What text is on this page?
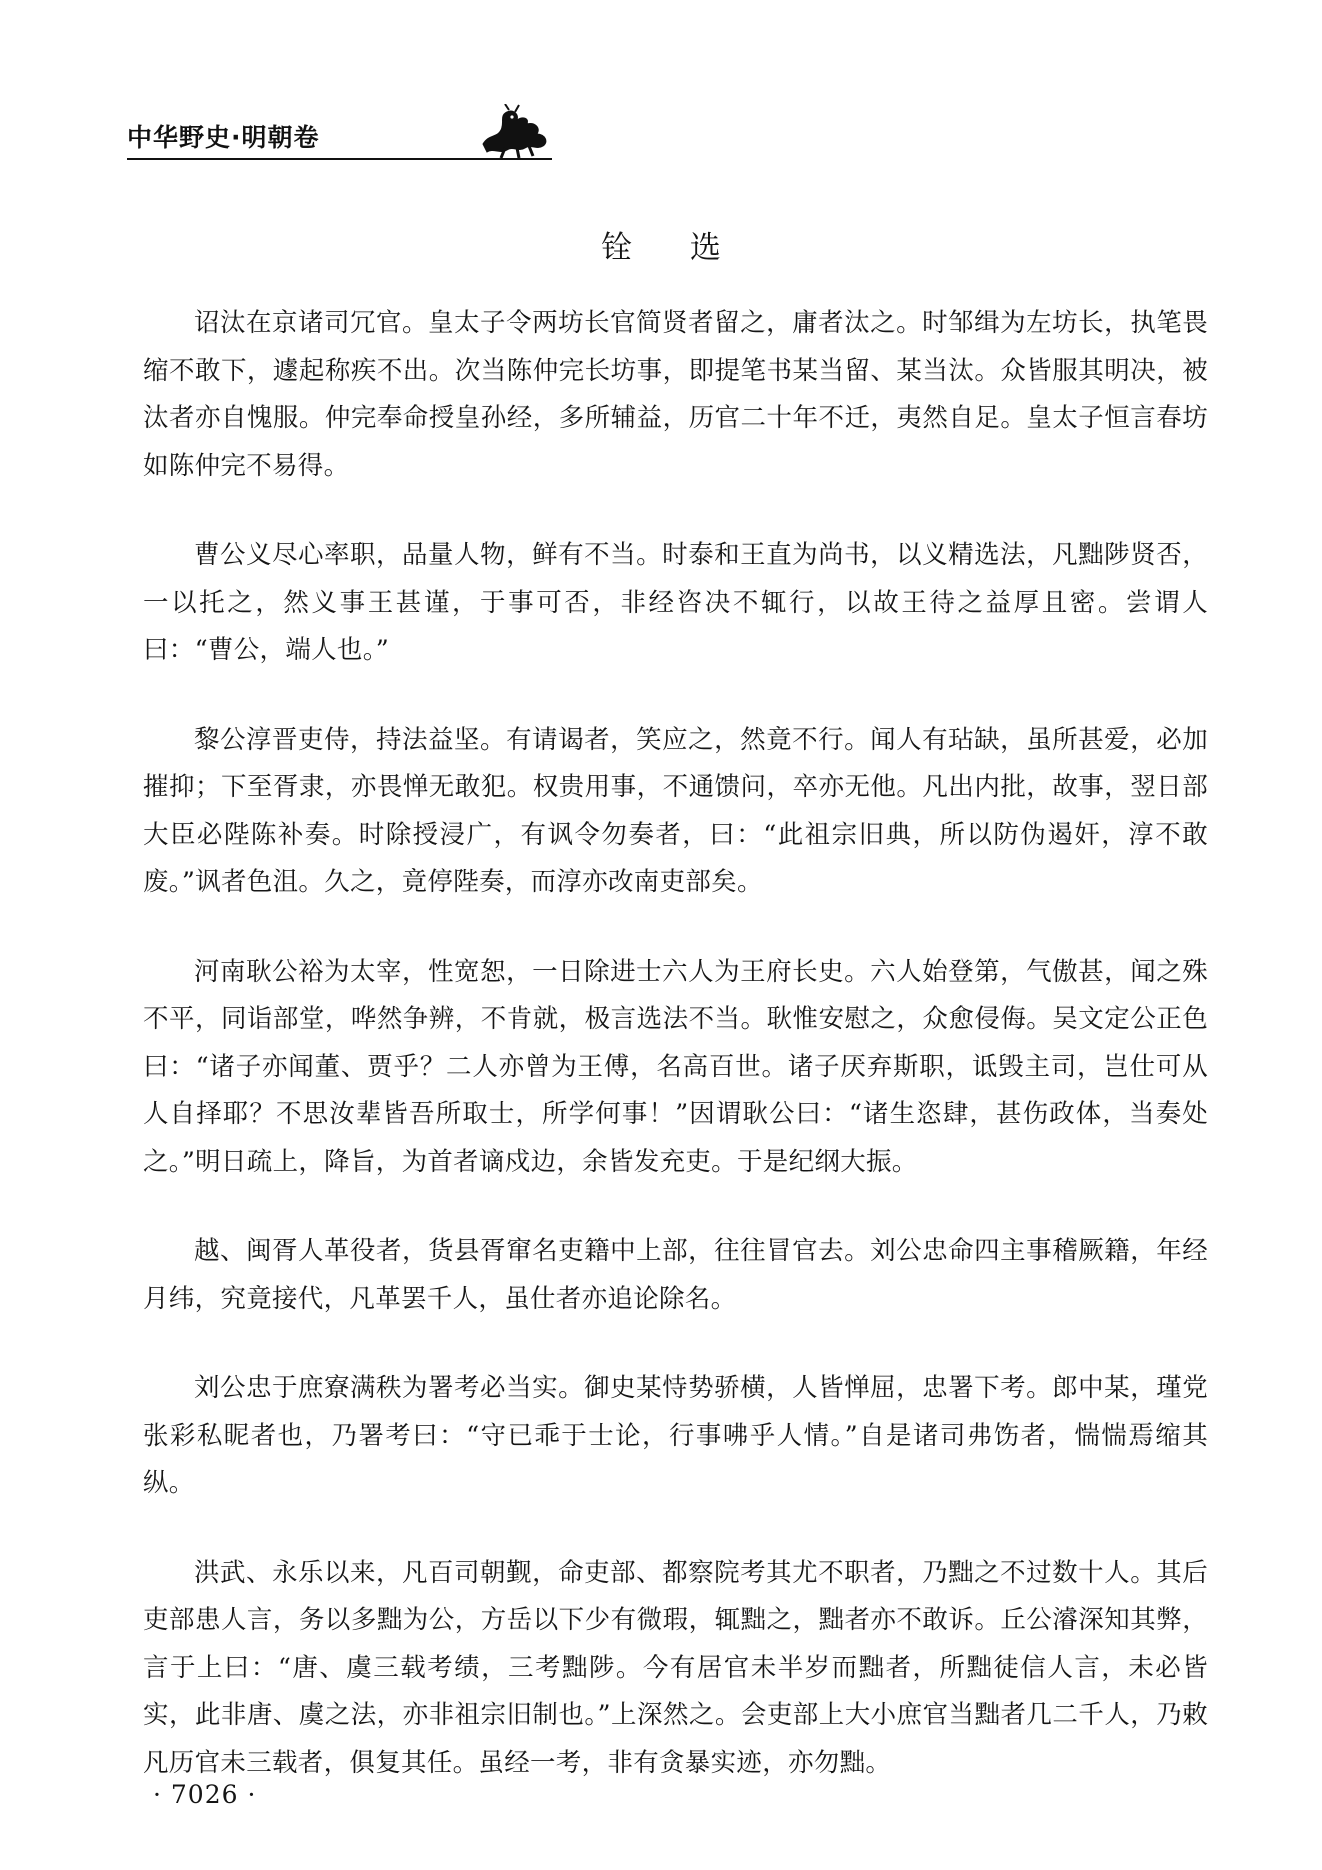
中华野史·明朝卷
铨 选

诏汰在京诸司冗官。皇太子令两坊长官简贤者留之，庸者汰之。时邹缉为左坊长，执笔畏缩不敢下，遽起称疾不出。次当陈仲完长坊事，即提笔书某当留、某当汰。众皆服其明决，被汰者亦自愧服。仲完奉命授皇孙经，多所辅益，历官二十年不迁，夷然自足。皇太子恒言春坊如陈仲完不易得。

曹公义尽心率职，品量人物，鲜有不当。时泰和王直为尚书，以义精选法，凡黜陟贤否，一以托之，然义事王甚谨，于事可否，非经咨决不辄行，以故王待之益厚且密。尝谓人曰：“曹公，端人也。”

黎公淳晋吏侍，持法益坚。有请谒者，笑应之，然竟不行。闻人有玷缺，虽所甚爱，必加摧抑；下至胥隶，亦畏惮无敢犯。权贵用事，不通馈问，卒亦无他。凡出内批，故事，翌日部大臣必陛陈补奏。时除授浸广，有讽令勿奏者，曰：“此祖宗旧典，所以防伪遏奸，淳不敢废。”讽者色沮。久之，竟停陛奏，而淳亦改南吏部矣。

河南耿公裕为太宰，性宽恕，一日除进士六人为王府长史。六人始登第，气傲甚，闻之殊不平，同诣部堂，哗然争辨，不肯就，极言选法不当。耿惟安慰之，众愈侵侮。吴文定公正色曰：“诸子亦闻董、贾乎？二人亦曾为王傅，名高百世。诸子厌弃斯职，诋毁主司，岂仕可从人自择耶？不思汝辈皆吾所取士，所学何事！”因谓耿公曰：“诸生恣肆，甚伤政体，当奏处之。”明日疏上，降旨，为首者谪戍边，余皆发充吏。于是纪纲大振。

越、闽胥人革役者，货县胥窜名吏籍中上部，往往冒官去。刘公忠命四主事稽厥籍，年经月纬，究竟接代，凡革罢千人，虽仕者亦追论除名。

刘公忠于庶寮满秩为署考必当实。御史某恃势骄横，人皆惮屈，忠署下考。郎中某，瑾党张彩私昵者也，乃署考曰：“守已乖于士论，行事咈乎人情。”自是诸司弗饬者，惴惴焉缩其纵。

洪武、永乐以来，凡百司朝觐，命吏部、都察院考其尤不职者，乃黜之不过数十人。其后吏部患人言，务以多黜为公，方岳以下少有微瑕，辄黜之，黜者亦不敢诉。丘公濬深知其弊，言于上曰：“唐、虞三载考绩，三考黜陟。今有居官未半岁而黜者，所黜徒信人言，未必皆实，此非唐、虞之法，亦非祖宗旧制也。”上深然之。会吏部上大小庶官当黜者几二千人，乃敕凡历官未三载者，俱复其任。虽经一考，非有贪暴实迹，亦勿黜。

· 7026 ·
